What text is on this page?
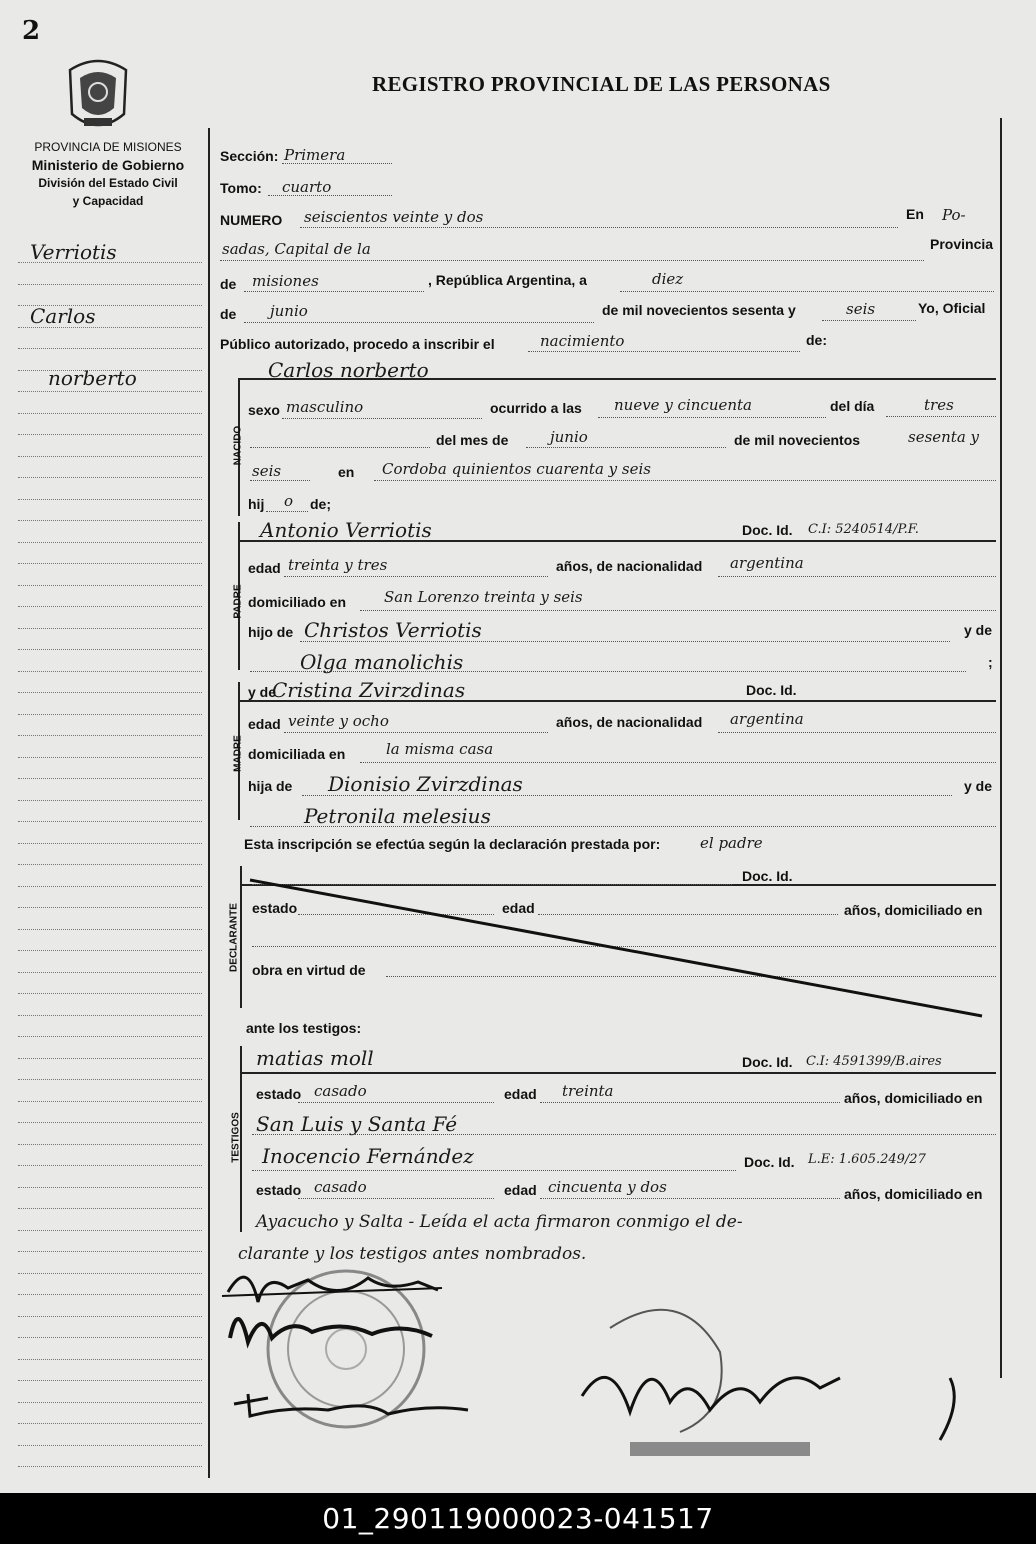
2
PROVINCIA DE MISIONES
Ministerio de Gobierno
División del Estado Civil
y Capacidad
REGISTRO PROVINCIAL DE LAS PERSONAS
Verriotis
Carlos
norberto
Sección: Primera
Tomo: cuarto
NUMERO seiscientos veinte y dos	En Po-
sadas, Capital de la	Provincia
de misiones	, República Argentina, a	diez
de junio	de mil novecientos sesenta y	seis	Yo, Oficial
Público autorizado, procedo a inscribir el	nacimiento	de:
NACIDO
Carlos norberto
sexo masculino	ocurrido a las nueve y cincuenta	del día	tres
del mes de	junio	de mil novecientos	sesenta y
seis	en Cordoba quinientos cuarenta y seis
hij o de;
PADRE
Antonio Verriotis	Doc. Id. C.I: 5240514/P.F.
edad treinta y tres	años, de nacionalidad argentina
domiciliado en	San Lorenzo treinta y seis
hijo de Christos Verriotis	y de
Olga manolichis	;
MADRE
y de
Cristina Zvirzdinas	Doc. Id.
edad veinte y ocho	años, de nacionalidad argentina
domiciliada en	la misma casa
hija de Dionisio Zvirzdinas	y de
Petronila melesius
Esta inscripción se efectúa según la declaración prestada por:	el padre
DECLARANTE
Doc. Id.
estado	edad	años, domiciliado en
obra en virtud de
ante los testigos:
TESTIGOS
matias moll	Doc. Id. C.I: 4591399/B.aires
estado casado	edad treinta	años, domiciliado en
San Luis y Santa Fé
Inocencio Fernández	Doc. Id. L.E: 1.605.249/27
estado casado	edad cincuenta y dos	años, domiciliado en
Ayacucho y Salta - Leída el acta firmaron conmigo el de-
clarante y los testigos antes nombrados.
01_290119000023-041517
